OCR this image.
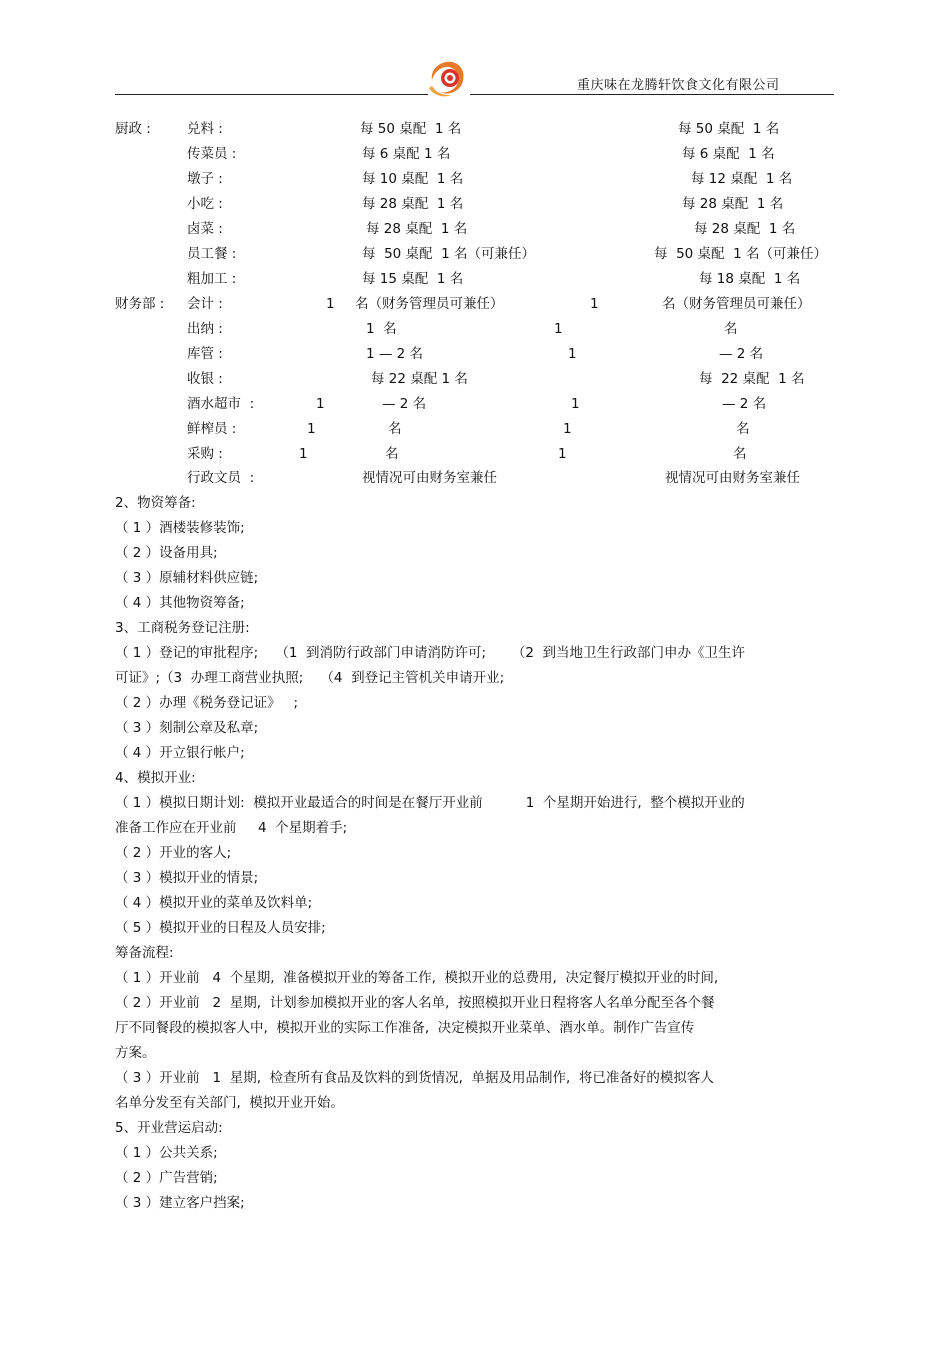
重庆味在龙腾轩饮食文化有限公司
厨政 :	兑料 :	每 50 桌配  1 名	每 50 桌配  1 名
传菜员 :	每 6 桌配 1 名	每 6 桌配  1 名
墩子 :	每 10 桌配  1 名	每 12 桌配  1 名
小吃 :	每 28 桌配  1 名	每 28 桌配  1 名
卤菜 :	每 28 桌配  1 名	每 28 桌配  1 名
员工餐 :	每  50 桌配  1 名（可兼任）	每  50 桌配  1 名（可兼任）
粗加工 :	每 15 桌配  1 名	每 18 桌配  1 名
财务部 : 会计 :	1 名（财务管理员可兼任）	1	名（财务管理员可兼任）
出纳 :	1  名	1	名
库管 :	1 — 2 名	1	— 2 名
收银 :	每 22 桌配 1 名	每  22 桌配  1 名
酒水超市  :	1	— 2 名	1	— 2 名
鲜榨员 :	1	名	1	名
采购 :	1	名	1	名
行政文员  :	视情况可由财务室兼任	视情况可由财务室兼任
2、物资筹备:
（ 1 ）酒楼装修装饰;
（ 2 ）设备用具;
（ 3 ）原辅材料供应链;
（ 4 ）其他物资筹备;
3、工商税务登记注册:
（ 1 ）登记的审批程序;    （1  到消防行政部门申请消防许可;      （2  到当地卫生行政部门申办《卫生许
可证》;（3  办理工商营业执照;    （4  到登记主管机关申请开业;
（ 2 ）办理《税务登记证》   ;
（ 3 ）刻制公章及私章;
（ 4 ）开立银行帐户;
4、模拟开业:
（ 1 ）模拟日期计划:  模拟开业最适合的时间是在餐厅开业前          1  个星期开始进行,  整个模拟开业的
准备工作应在开业前     4  个星期着手;
（ 2 ）开业的客人;
（ 3 ）模拟开业的情景;
（ 4 ）模拟开业的菜单及饮料单;
（ 5 ）模拟开业的日程及人员安排;
筹备流程:
（ 1 ）开业前   4  个星期,  准备模拟开业的筹备工作,  模拟开业的总费用,  决定餐厅模拟开业的时间,
（ 2 ）开业前   2  星期,  计划参加模拟开业的客人名单,  按照模拟开业日程将客人名单分配至各个餐
厅不同餐段的模拟客人中,  模拟开业的实际工作准备,  决定模拟开业菜单、酒水单。制作广告宣传
方案。
（ 3 ）开业前   1  星期,  检查所有食品及饮料的到货情况,  单据及用品制作,  将已准备好的模拟客人
名单分发至有关部门,  模拟开业开始。
5、开业营运启动:
（ 1 ）公共关系;
（ 2 ）广告营销;
（ 3 ）建立客户挡案;
